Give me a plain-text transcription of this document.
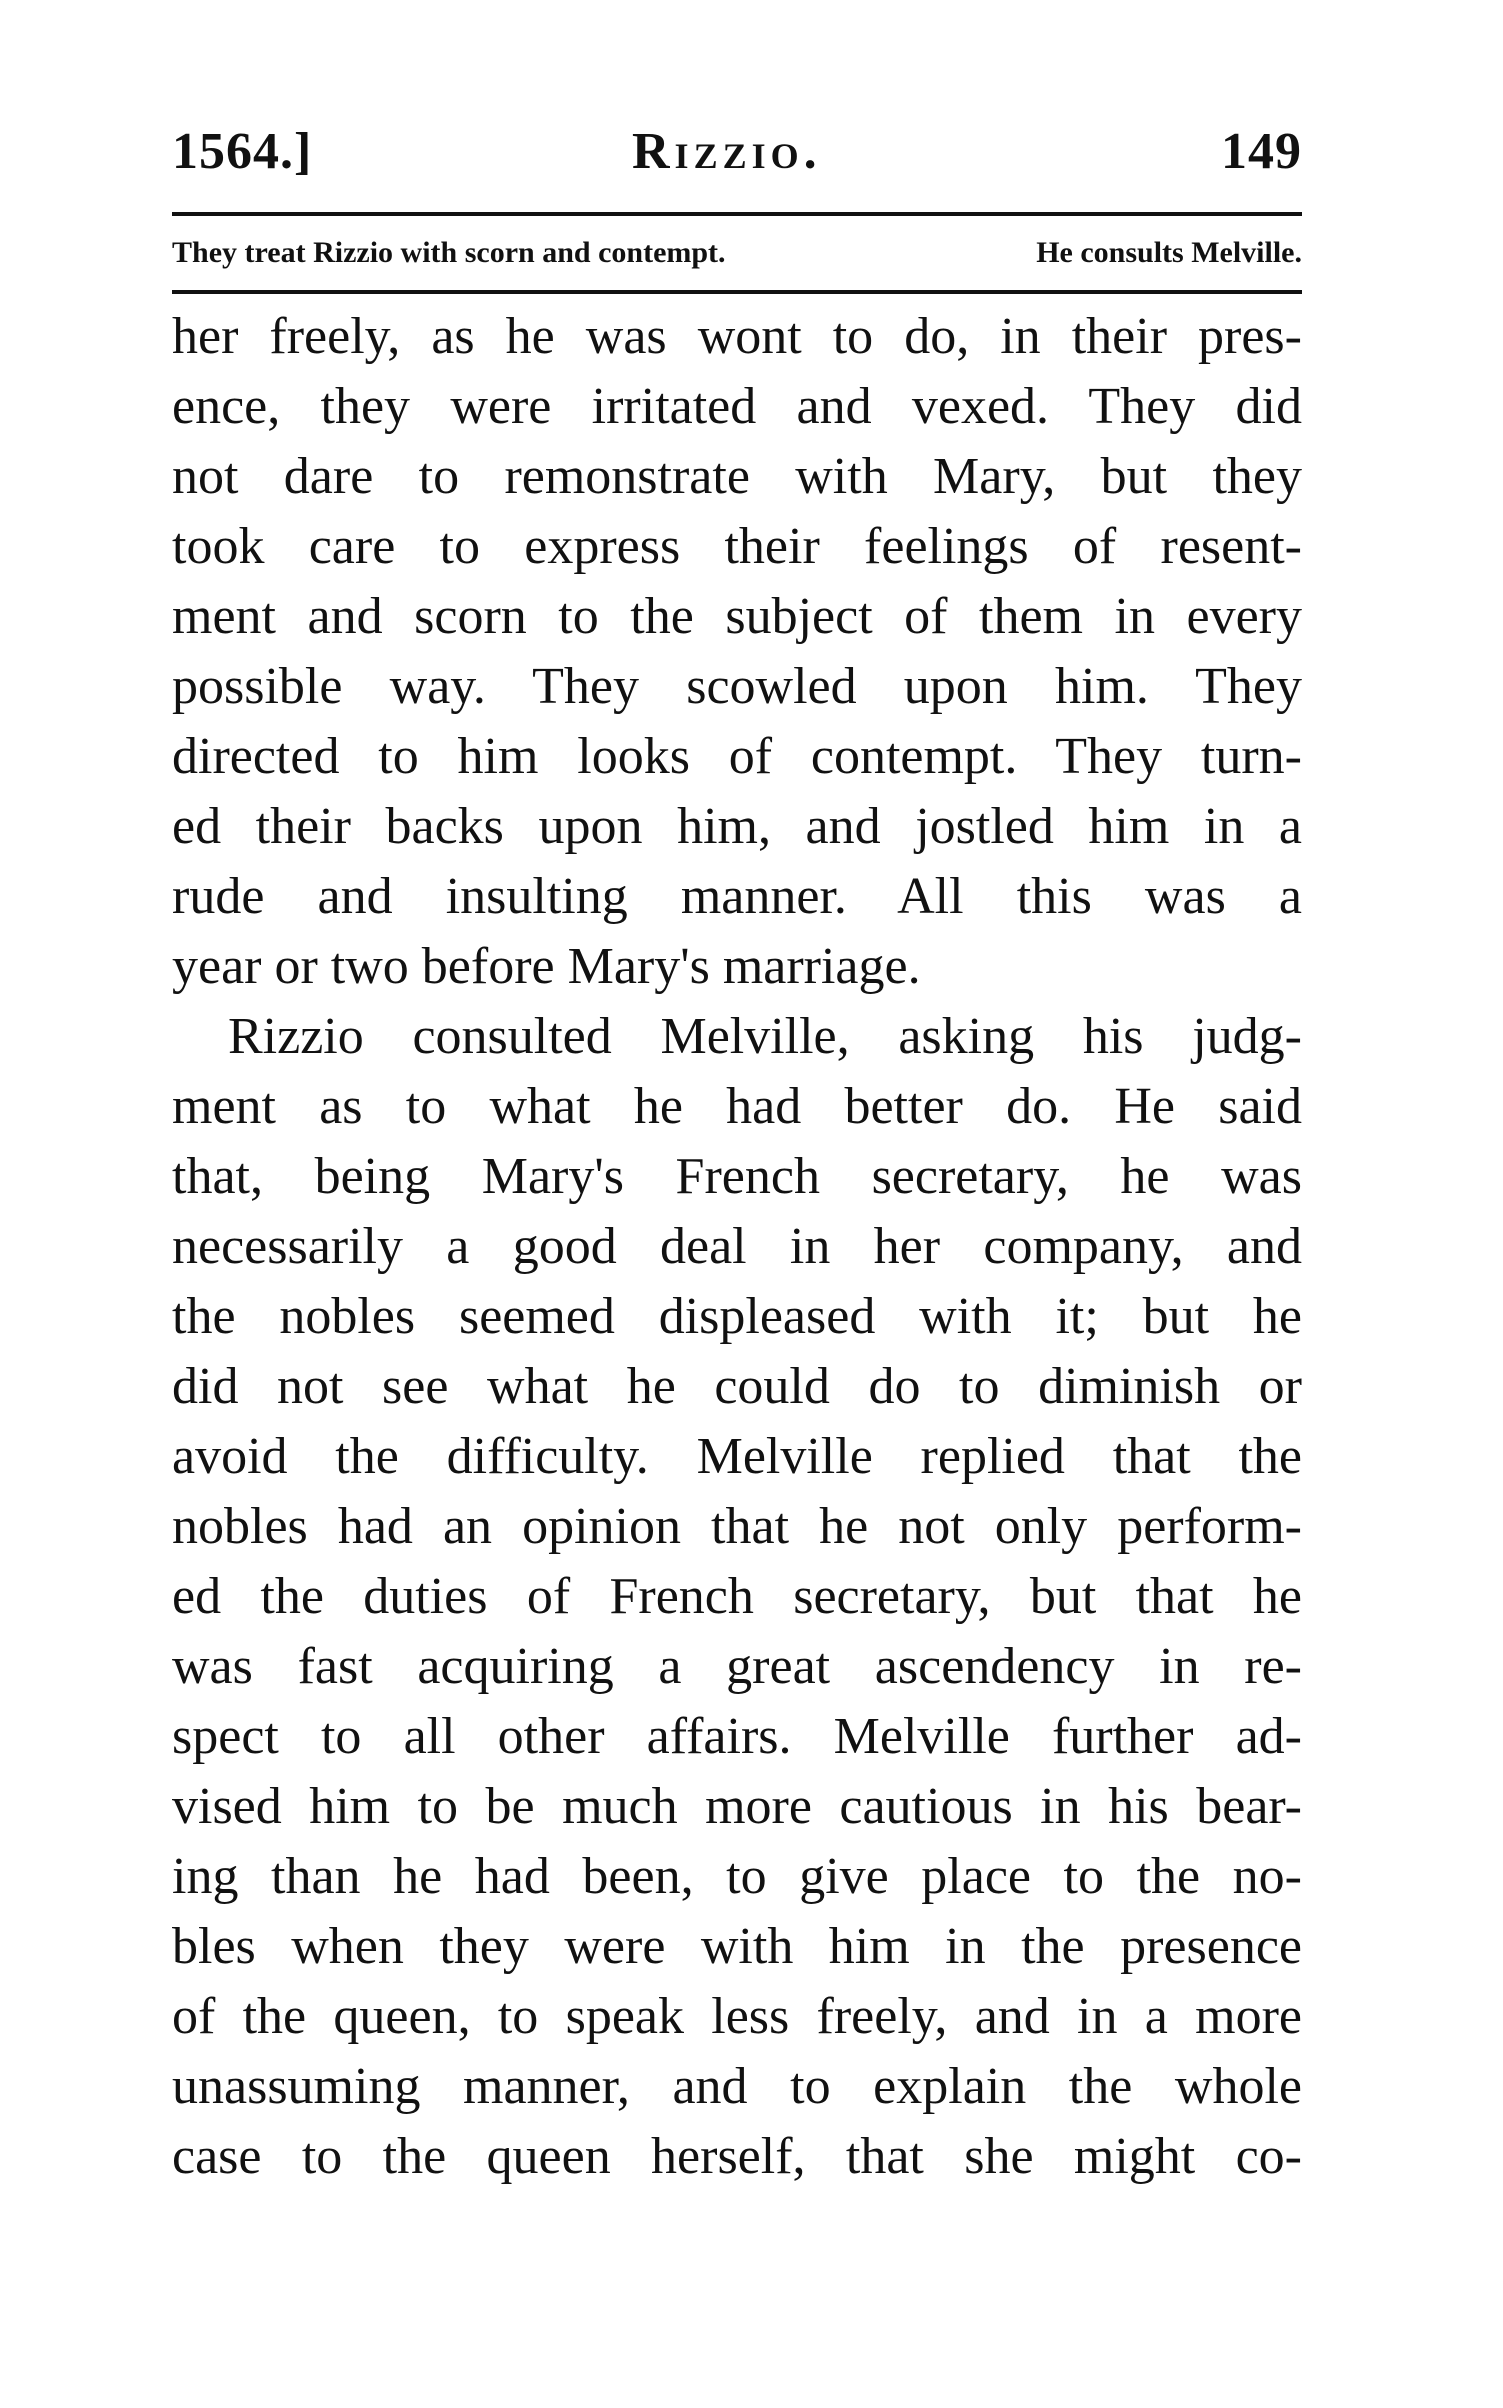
1564.]	Rizzio.	149
They treat Rizzio with scorn and contempt.	He consults Melville.
her freely, as he was wont to do, in their pres-
ence, they were irritated and vexed. They did
not dare to remonstrate with Mary, but they
took care to express their feelings of resent-
ment and scorn to the subject of them in every
possible way. They scowled upon him. They
directed to him looks of contempt. They turn-
ed their backs upon him, and jostled him in a
rude and insulting manner. All this was a
year or two before Mary's marriage.
Rizzio consulted Melville, asking his judg-
ment as to what he had better do. He said
that, being Mary's French secretary, he was
necessarily a good deal in her company, and
the nobles seemed displeased with it; but he
did not see what he could do to diminish or
avoid the difficulty. Melville replied that the
nobles had an opinion that he not only perform-
ed the duties of French secretary, but that he
was fast acquiring a great ascendency in re-
spect to all other affairs. Melville further ad-
vised him to be much more cautious in his bear-
ing than he had been, to give place to the no-
bles when they were with him in the presence
of the queen, to speak less freely, and in a more
unassuming manner, and to explain the whole
case to the queen herself, that she might co-
